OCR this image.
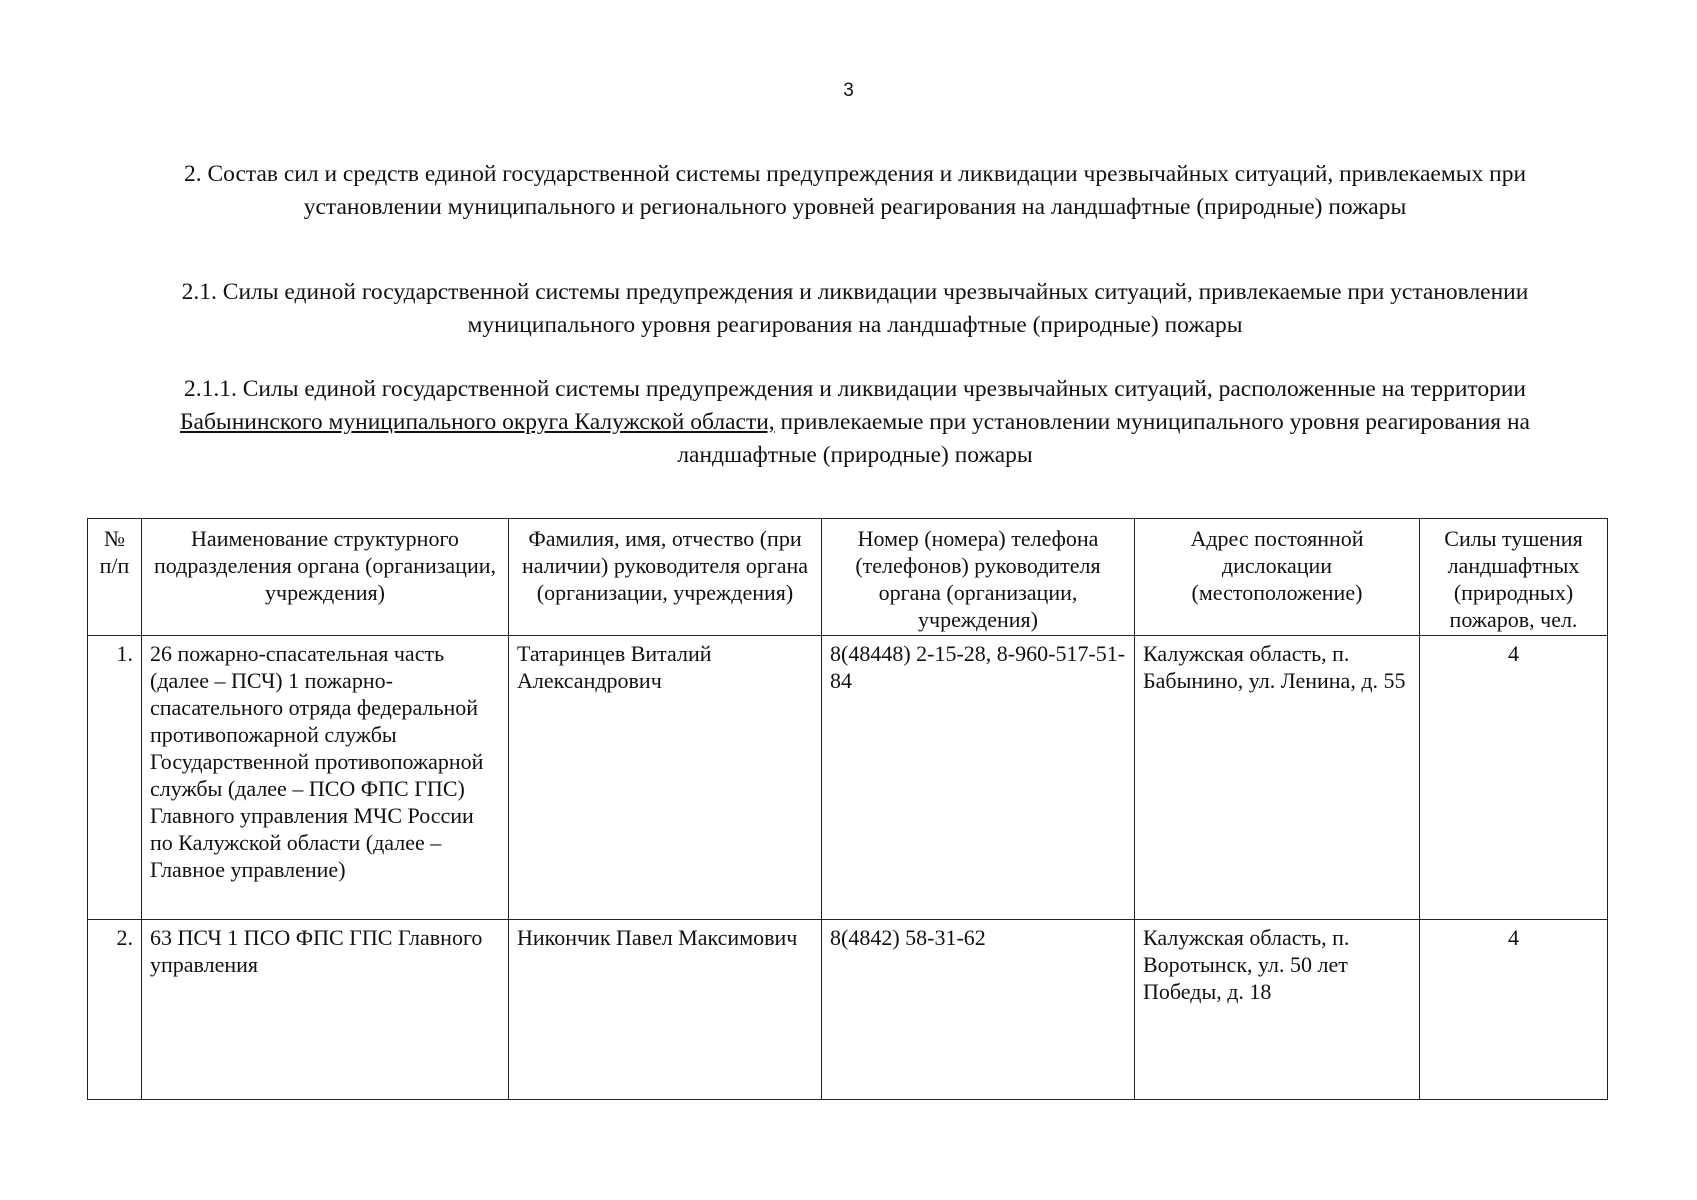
3
2. Состав сил и средств единой государственной системы предупреждения и ликвидации чрезвычайных ситуаций, привлекаемых при установлении муниципального и регионального уровней реагирования на ландшафтные (природные) пожары
2.1. Силы единой государственной системы предупреждения и ликвидации чрезвычайных ситуаций, привлекаемые при установлении муниципального уровня реагирования на ландшафтные (природные) пожары
2.1.1. Силы единой государственной системы предупреждения и ликвидации чрезвычайных ситуаций, расположенные на территории Бабынинского муниципального округа Калужской области, привлекаемые при установлении муниципального уровня реагирования на ландшафтные (природные) пожары
№ п/п	Наименование структурного подразделения органа (организации, учреждения)	Фамилия, имя, отчество (при наличии) руководителя органа (организации, учреждения)	Номер (номера) телефона (телефонов) руководителя органа (организации, учреждения)	Адрес постоянной дислокации (местоположение)	Силы тушения ландшафтных (природных) пожаров, чел.
1.	26 пожарно-спасательная часть (далее – ПСЧ) 1 пожарно-спасательного отряда федеральной противопожарной службы Государственной противопожарной службы (далее – ПСО ФПС ГПС) Главного управления МЧС России по Калужской области (далее – Главное управление)	Татаринцев Виталий Александрович	8(48448) 2-15-28, 8-960-517-51-84	Калужская область, п. Бабынино, ул. Ленина, д. 55	4
2.	63 ПСЧ 1 ПСО ФПС ГПС Главного управления	Никончик Павел Максимович	8(4842) 58-31-62	Калужская область, п. Воротынск, ул. 50 лет Победы, д. 18	4
